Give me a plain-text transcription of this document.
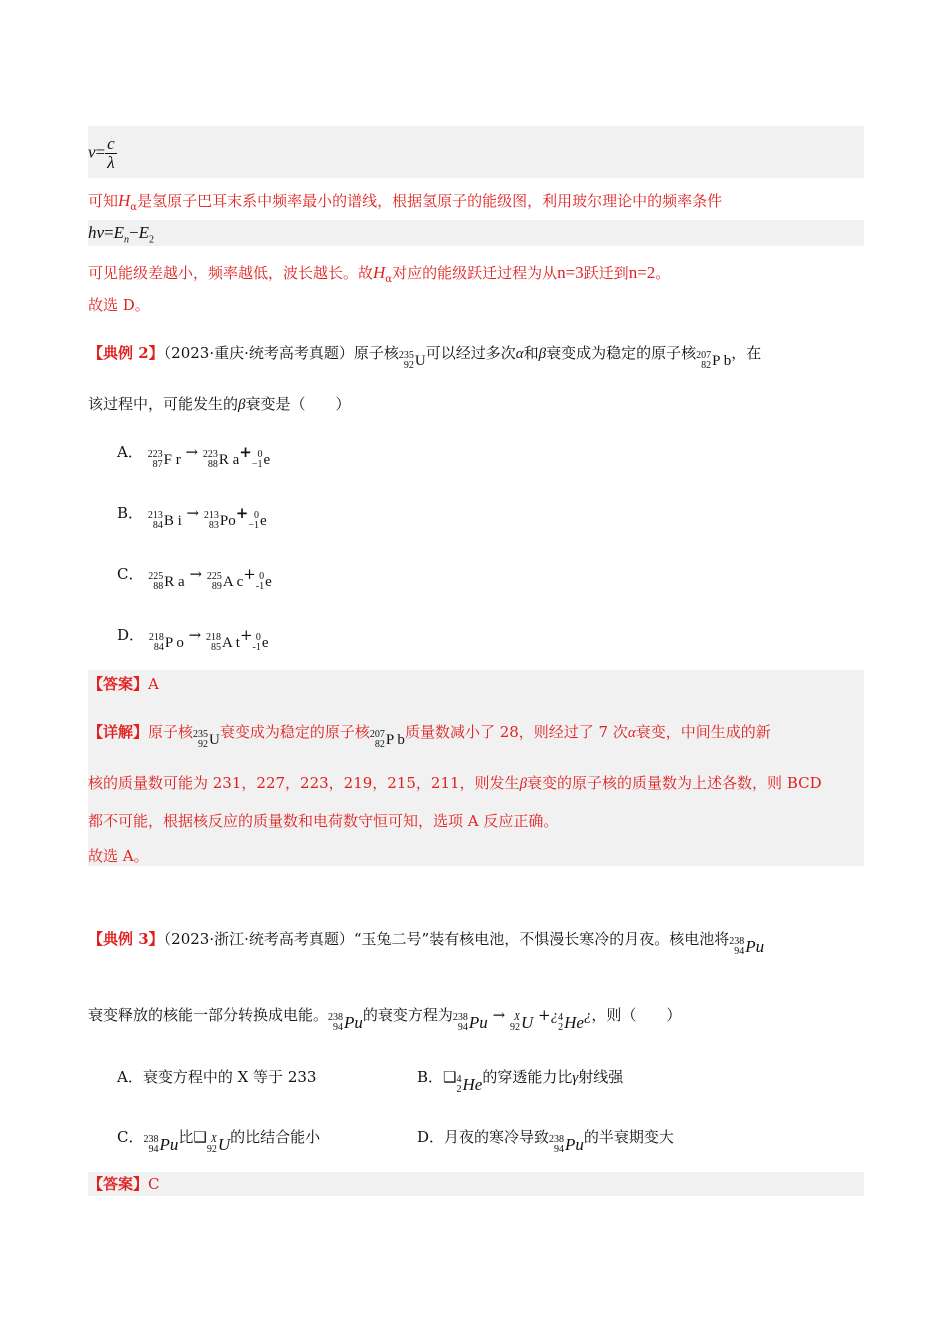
$v= \frac{c}{\lambda}$
可知$H_\alpha$是氢原子巴耳末系中频率最小的谱线，根据氢原子的能级图，利用玻尔理论中的频率条件
$hv=E_n-E_2$
可见能级差越小，频率越低，波长越长。故$H_\alpha$对应的能级跃迁过程为从n=3跃迁到n=2。
故选 D。
【典例 2】（2023·重庆·统考高考真题）原子核 235
92 U 可以经过多次α和β衰变成为稳定的原子核 207
82 P b ，在
该过程中，可能发生的β衰变是（　　）
A． 223
87 F r → 223
88 R a + 0
−1 e
B． 213
84 B i → 213
83 Po + 0
−1 e
C． 225
88 R a → 225
89 A c + 0
-1 e
D． 218
84 P o → 218
85 A t + 0
-1 e
【答案】A
【详解】原子核 235
92 U 衰变成为稳定的原子核 207
82 P b 质量数减小了 28，则经过了 7 次α衰变，中间生成的新
核的质量数可能为 231，227，223，219，215，211，则发生β衰变的原子核的质量数为上述各数，则 BCD
都不可能，根据核反应的质量数和电荷数守恒可知，选项 A 反应正确。
故选 A。
【典例 3】（2023·浙江·统考高考真题）“玉兔二号”装有核电池，不惧漫长寒冷的月夜。核电池将 238
94 Pu
衰变释放的核能一部分转换成电能。 238
94 Pu 的衰变方程为 238
94 Pu → X
92 U +¿ 4
2 He ¿，则（　　）
A．衰变方程中的 X 等于 233	B．❑ 4
2 He 的穿透能力比γ射线强
C． 238
94 Pu 比❑ X
92 U 的比结合能小	D．月夜的寒冷导致 238
94 Pu 的半衰期变大
【答案】C
